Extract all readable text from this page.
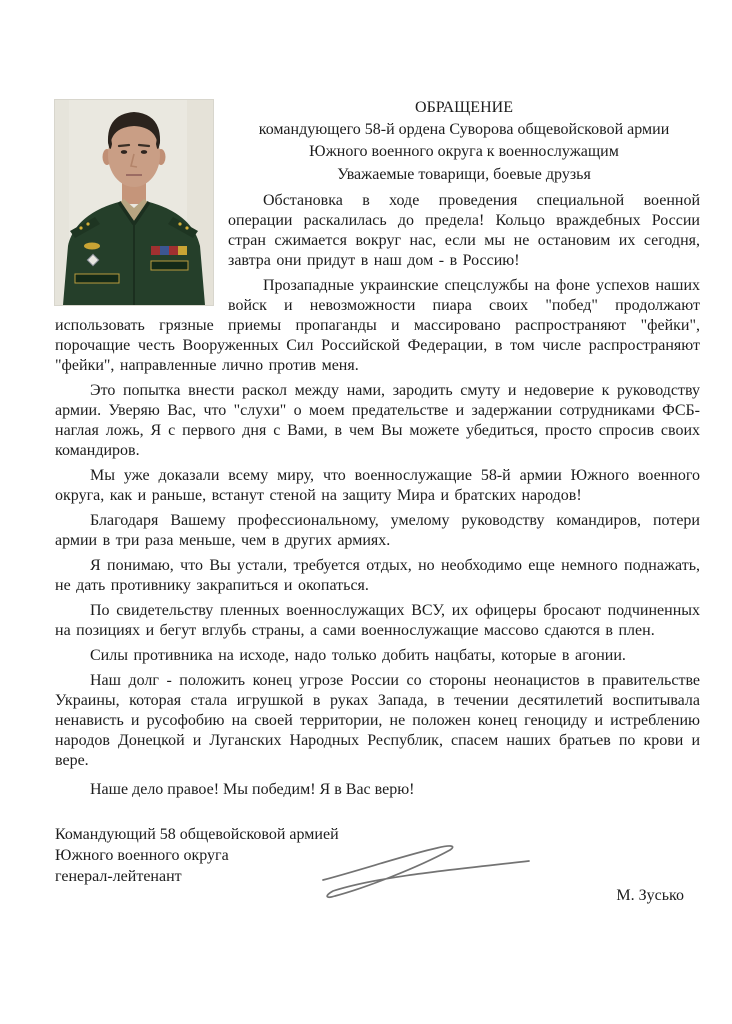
ОБРАЩЕНИЕ

командующего 58-й ордена Суворова общевойсковой армии

Южного военного округа к военнослужащим

Уважаемые товарищи, боевые друзья

Обстановка в ходе проведения специальной военной операции раскалилась до предела! Кольцо враждебных России стран сжимается вокруг нас, если мы не остановим их сегодня, завтра они придут в наш дом - в Россию!

Прозападные украинские спецслужбы на фоне успехов наших войск и невозможности пиара своих "побед" продолжают использовать грязные приемы пропаганды и массировано распространяют "фейки", порочащие честь Вооруженных Сил Российской Федерации, в том числе распространяют "фейки", направленные лично против меня.

Это попытка внести раскол между нами, зародить смуту и недоверие к руководству армии. Уверяю Вас, что "слухи" о моем предательстве и задержании сотрудниками ФСБ- наглая ложь, Я с первого дня с Вами, в чем Вы можете убедиться, просто спросив своих командиров.

Мы уже доказали всему миру, что военнослужащие 58-й армии Южного военного округа, как и раньше, встанут стеной на защиту Мира и братских народов!

Благодаря Вашему профессиональному, умелому руководству командиров, потери армии в три раза меньше, чем в других армиях.

Я понимаю, что Вы устали, требуется отдых, но необходимо еще немного поднажать, не дать противнику закрапиться и окопаться.

По свидетельству пленных военнослужащих ВСУ, их офицеры бросают подчиненных на позициях и бегут вглубь страны, а сами военнослужащие массово сдаются в плен.

Силы противника на исходе, надо только добить нацбаты, которые в агонии.

Наш долг - положить конец угрозе России со стороны неонацистов в правительстве Украины, которая стала игрушкой в руках Запада, в течении десятилетий воспитывала ненависть и русофобию на своей территории, не положен конец геноциду и истреблению народов Донецкой и Луганских Народных Республик, спасем наших братьев по крови и вере.

Наше дело правое! Мы победим! Я в Вас верю!

Командующий 58 общевойсковой армией

Южного военного округа

генерал-лейтенант

М. Зусько
